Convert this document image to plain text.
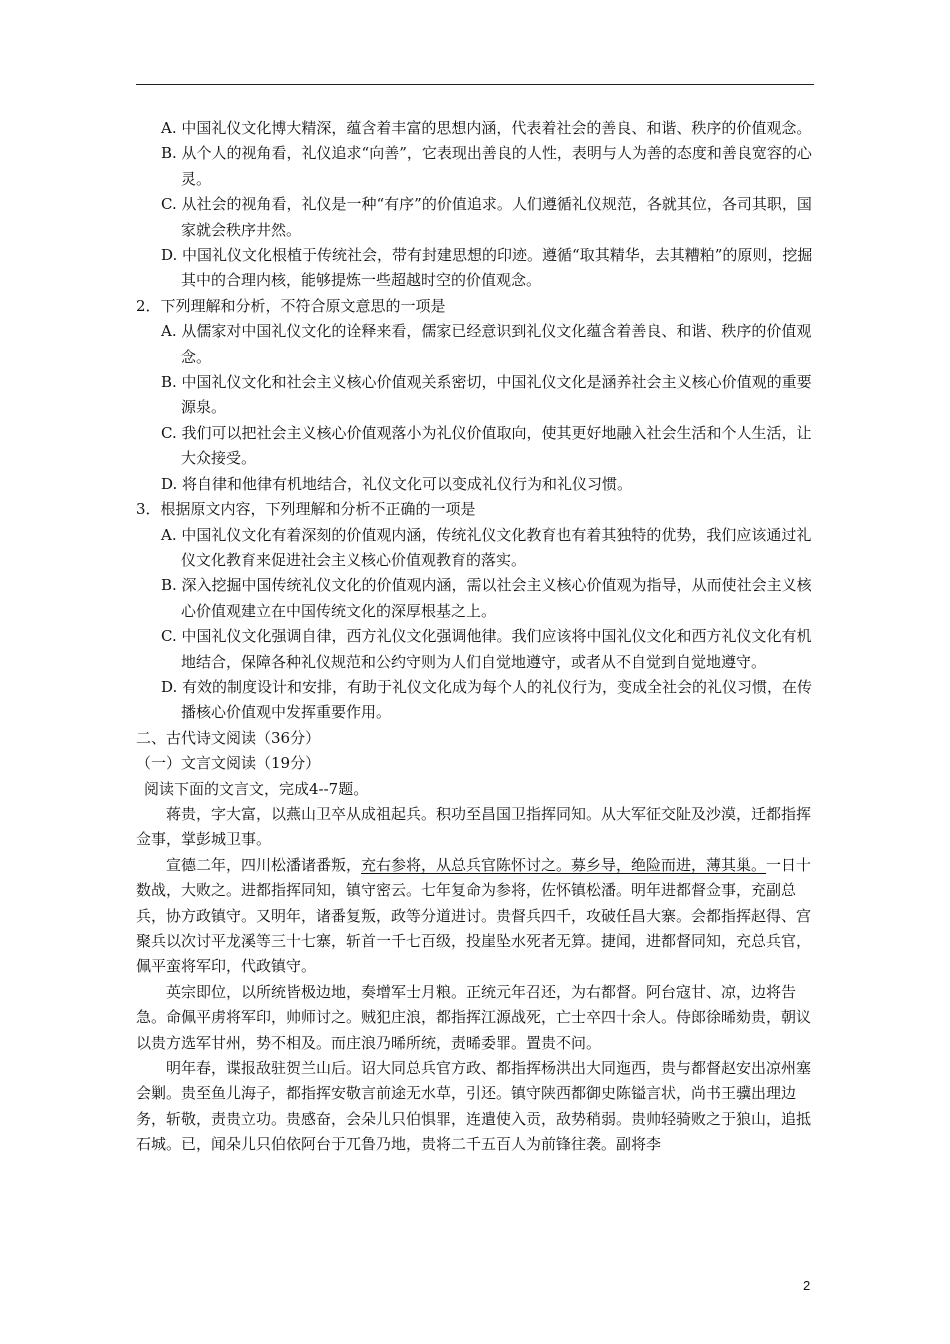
A. 中国礼仪文化博大精深，蕴含着丰富的思想内涵，代表着社会的善良、和谐、秩序的价值观念。

B. 从个人的视角看，礼仪追求“向善”，它表现出善良的人性，表明与人为善的态度和善良宽容的心灵。

C. 从社会的视角看，礼仪是一种“有序”的价值追求。人们遵循礼仪规范，各就其位，各司其职，国家就会秩序井然。

D. 中国礼仪文化根植于传统社会，带有封建思想的印迹。遵循“取其精华，去其糟粕”的原则，挖掘其中的合理内核，能够提炼一些超越时空的价值观念。

2．下列理解和分析，不符合原文意思的一项是

A. 从儒家对中国礼仪文化的诠释来看，儒家已经意识到礼仪文化蕴含着善良、和谐、秩序的价值观念。

B. 中国礼仪文化和社会主义核心价值观关系密切，中国礼仪文化是涵养社会主义核心价值观的重要源泉。

C. 我们可以把社会主义核心价值观落小为礼仪价值取向，使其更好地融入社会生活和个人生活，让大众接受。

D. 将自律和他律有机地结合，礼仪文化可以变成礼仪行为和礼仪习惯。

3．根据原文内容，下列理解和分析不正确的一项是

A. 中国礼仪文化有着深刻的价值观内涵，传统礼仪文化教育也有着其独特的优势，我们应该通过礼仪文化教育来促进社会主义核心价值观教育的落实。

B. 深入挖掘中国传统礼仪文化的价值观内涵，需以社会主义核心价值观为指导，从而使社会主义核心价值观建立在中国传统文化的深厚根基之上。

C. 中国礼仪文化强调自律，西方礼仪文化强调他律。我们应该将中国礼仪文化和西方礼仪文化有机地结合，保障各种礼仪规范和公约守则为人们自觉地遵守，或者从不自觉到自觉地遵守。

D. 有效的制度设计和安排，有助于礼仪文化成为每个人的礼仪行为，变成全社会的礼仪习惯，在传播核心价值观中发挥重要作用。

二、古代诗文阅读（36分）

（一）文言文阅读（19分）

阅读下面的文言文，完成4--7题。

蒋贵，字大富，以燕山卫卒从成祖起兵。积功至昌国卫指挥同知。从大军征交阯及沙漠，迁都指挥佥事，掌彭城卫事。

宣德二年，四川松潘诸番叛，充右参将，从总兵官陈怀讨之。募乡导，绝险而进，薄其巢。一日十数战，大败之。进都指挥同知，镇守密云。七年复命为参将，佐怀镇松潘。明年进都督佥事，充副总兵，协方政镇守。又明年，诸番复叛，政等分道进讨。贵督兵四千，攻破任昌大寨。会都指挥赵得、宫聚兵以次讨平龙溪等三十七寨，斩首一千七百级，投崖坠水死者无算。捷闻，进都督同知，充总兵官，佩平蛮将军印，代政镇守。

英宗即位，以所统皆极边地，奏增军士月粮。正统元年召还，为右都督。阿台寇甘、凉，边将告急。命佩平虏将军印，帅师讨之。贼犯庄浪，都指挥江源战死，亡士卒四十余人。侍郎徐晞劾贵，朝议以贵方选军甘州，势不相及。而庄浪乃晞所统，责晞委罪。置贵不问。

明年春，谍报敌驻贺兰山后。诏大同总兵官方政、都指挥杨洪出大同迤西，贵与都督赵安出凉州塞会剿。贵至鱼儿海子，都指挥安敬言前途无水草，引还。镇守陕西都御史陈镒言状，尚书王骥出理边务，斩敬，责贵立功。贵感奋，会朵儿只伯惧罪，连遣使入贡，敌势稍弱。贵帅轻骑败之于狼山，追抵石城。已，闻朵儿只伯依阿台于兀鲁乃地，贵将二千五百人为前锋往袭。副将李

2
